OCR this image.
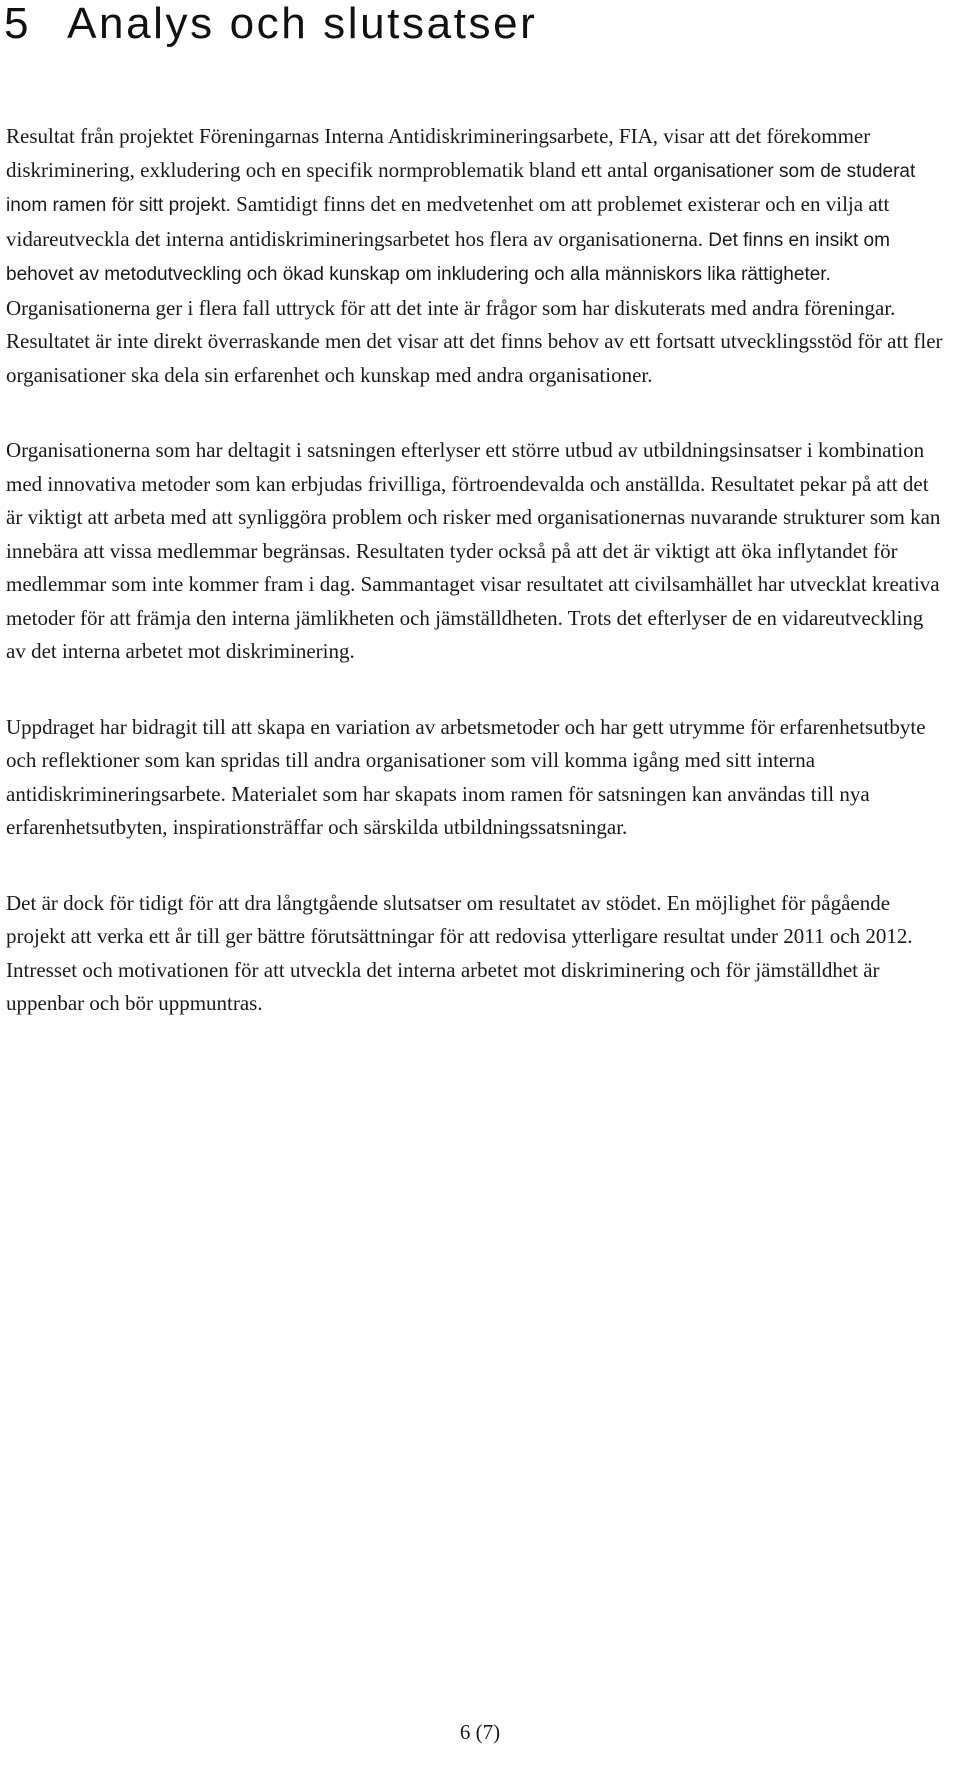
5 Analys och slutsatser

Resultat från projektet Föreningarnas Interna Antidiskrimineringsarbete, FIA, visar att det förekommer diskriminering, exkludering och en specifik normproblematik bland ett antal organisationer som de studerat inom ramen för sitt projekt. Samtidigt finns det en medvetenhet om att problemet existerar och en vilja att vidareutveckla det interna antidiskrimineringsarbetet hos flera av organisationerna. Det finns en insikt om behovet av metodutveckling och ökad kunskap om inkludering och alla människors lika rättigheter. Organisationerna ger i flera fall uttryck för att det inte är frågor som har diskuterats med andra föreningar. Resultatet är inte direkt överraskande men det visar att det finns behov av ett fortsatt utvecklingsstöd för att fler organisationer ska dela sin erfarenhet och kunskap med andra organisationer.

Organisationerna som har deltagit i satsningen efterlyser ett större utbud av utbildningsinsatser i kombination med innovativa metoder som kan erbjudas frivilliga, förtroendevalda och anställda. Resultatet pekar på att det är viktigt att arbeta med att synliggöra problem och risker med organisationernas nuvarande strukturer som kan innebära att vissa medlemmar begränsas. Resultaten tyder också på att det är viktigt att öka inflytandet för medlemmar som inte kommer fram i dag. Sammantaget visar resultatet att civilsamhället har utvecklat kreativa metoder för att främja den interna jämlikheten och jämställdheten. Trots det efterlyser de en vidareutveckling av det interna arbetet mot diskriminering.

Uppdraget har bidragit till att skapa en variation av arbetsmetoder och har gett utrymme för erfarenhetsutbyte och reflektioner som kan spridas till andra organisationer som vill komma igång med sitt interna antidiskrimineringsarbete. Materialet som har skapats inom ramen för satsningen kan användas till nya erfarenhetsutbyten, inspirationsträffar och särskilda utbildningssatsningar.

Det är dock för tidigt för att dra långtgående slutsatser om resultatet av stödet. En möjlighet för pågående projekt att verka ett år till ger bättre förutsättningar för att redovisa ytterligare resultat under 2011 och 2012. Intresset och motivationen för att utveckla det interna arbetet mot diskriminering och för jämställdhet är uppenbar och bör uppmuntras.

6 (7)
